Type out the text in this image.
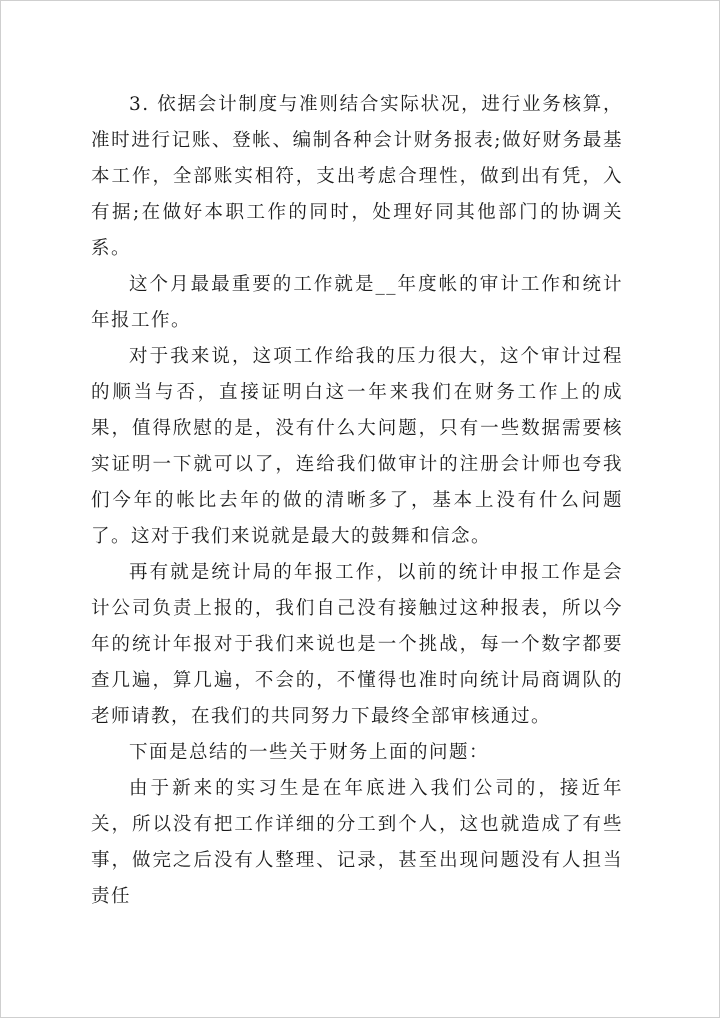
3. 依据会计制度与准则结合实际状况，进行业务核算，准时进行记账、登帐、编制各种会计财务报表;做好财务最基本工作，全部账实相符，支出考虑合理性，做到出有凭，入有据;在做好本职工作的同时，处理好同其他部门的协调关系。

这个月最最重要的工作就是__年度帐的审计工作和统计年报工作。

对于我来说，这项工作给我的压力很大，这个审计过程的顺当与否，直接证明白这一年来我们在财务工作上的成果，值得欣慰的是，没有什么大问题，只有一些数据需要核实证明一下就可以了，连给我们做审计的注册会计师也夸我们今年的帐比去年的做的清晰多了，基本上没有什么问题了。这对于我们来说就是最大的鼓舞和信念。

再有就是统计局的年报工作，以前的统计申报工作是会计公司负责上报的，我们自己没有接触过这种报表，所以今年的统计年报对于我们来说也是一个挑战，每一个数字都要查几遍，算几遍，不会的，不懂得也准时向统计局商调队的老师请教，在我们的共同努力下最终全部审核通过。

下面是总结的一些关于财务上面的问题：

由于新来的实习生是在年底进入我们公司的，接近年关，所以没有把工作详细的分工到个人，这也就造成了有些事，做完之后没有人整理、记录，甚至出现问题没有人担当责任
